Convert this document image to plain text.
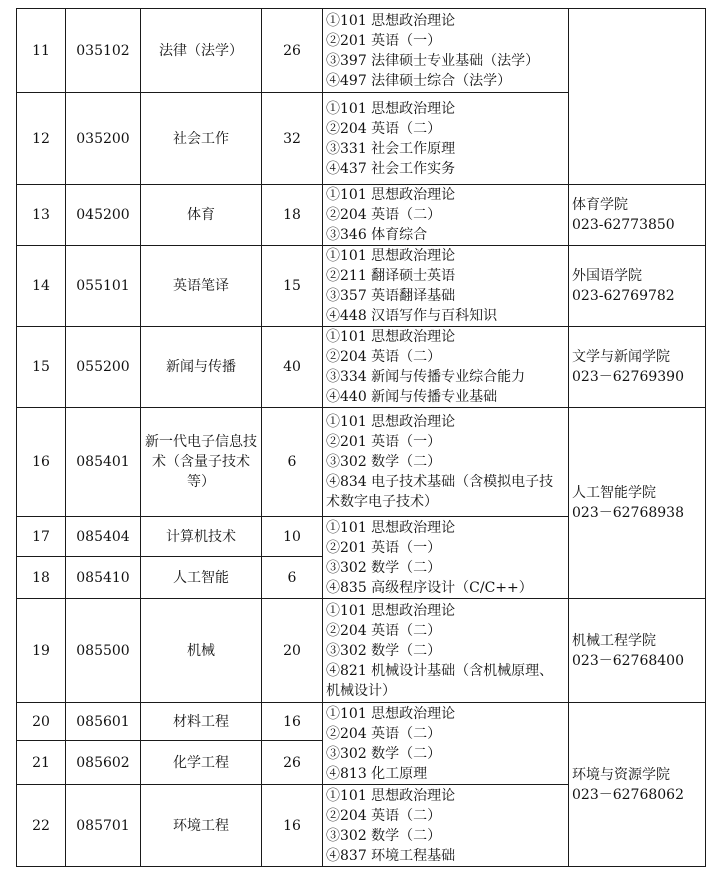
11	035102	法律（法学）	26	①101 思想政治理论
②201 英语（一）
③397 法律硕士专业基础（法学）
④497 法律硕士综合（法学）	

12	035200	社会工作	32	①101 思想政治理论
②204 英语（二）
③331 社会工作原理
④437 社会工作实务	

13	045200	体育	18	①101 思想政治理论
②204 英语（二）
③346 体育综合	体育学院
023-62773850

14	055101	英语笔译	15	①101 思想政治理论
②211 翻译硕士英语
③357 英语翻译基础
④448 汉语写作与百科知识	外国语学院
023-62769782

15	055200	新闻与传播	40	①101 思想政治理论
②204 英语（二）
③334 新闻与传播专业综合能力
④440 新闻与传播专业基础	文学与新闻学院
023－62769390

16	085401	新一代电子信息技术（含量子技术等）	6	①101 思想政治理论
②201 英语（一）
③302 数学（二）
④834 电子技术基础（含模拟电子技术数字电子技术）	人工智能学院
023－62768938

17	085404	计算机技术	10	①101 思想政治理论
②201 英语（一）
③302 数学（二）
④835 高级程序设计（C/C++）	

18	085410	人工智能	6		
19	085500	机械	20	①101 思想政治理论
②204 英语（二）
③302 数学（二）
④821 机械设计基础（含机械原理、机械设计）	机械工程学院
023－62768400

20	085601	材料工程	16	①101 思想政治理论
②204 英语（二）
③302 数学（二）
④813 化工原理	环境与资源学院
023－62768062

21	085602	化学工程	26		
22	085701	环境工程	16	①101 思想政治理论
②204 英语（二）
③302 数学（二）
④837 环境工程基础	
